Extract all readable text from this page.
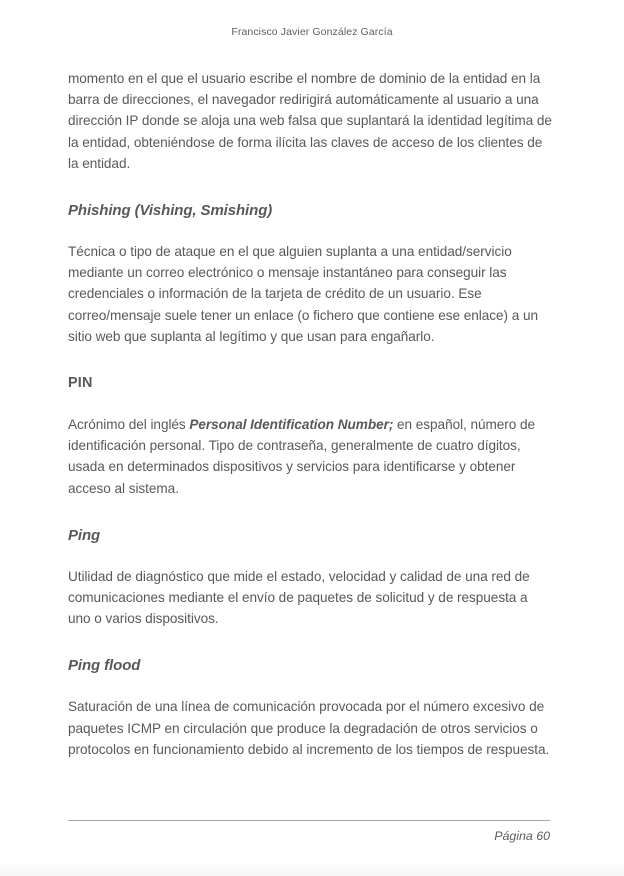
Francisco Javier González García

momento en el que el usuario escribe el nombre de dominio de la entidad en la barra de direcciones, el navegador redirigirá automáticamente al usuario a una dirección IP donde se aloja una web falsa que suplantará la identidad legítima de la entidad, obteniéndose de forma ilícita las claves de acceso de los clientes de la entidad.

Phishing (Vishing, Smishing)

Técnica o tipo de ataque en el que alguien suplanta a una entidad/servicio mediante un correo electrónico o mensaje instantáneo para conseguir las credenciales o información de la tarjeta de crédito de un usuario. Ese correo/mensaje suele tener un enlace (o fichero que contiene ese enlace) a un sitio web que suplanta al legítimo y que usan para engañarlo.

PIN

Acrónimo del inglés Personal Identification Number; en español, número de identificación personal. Tipo de contraseña, generalmente de cuatro dígitos, usada en determinados dispositivos y servicios para identificarse y obtener acceso al sistema.

Ping

Utilidad de diagnóstico que mide el estado, velocidad y calidad de una red de comunicaciones mediante el envío de paquetes de solicitud y de respuesta a uno o varios dispositivos.

Ping flood

Saturación de una línea de comunicación provocada por el número excesivo de paquetes ICMP en circulación que produce la degradación de otros servicios o protocolos en funcionamiento debido al incremento de los tiempos de respuesta.

Página 60
